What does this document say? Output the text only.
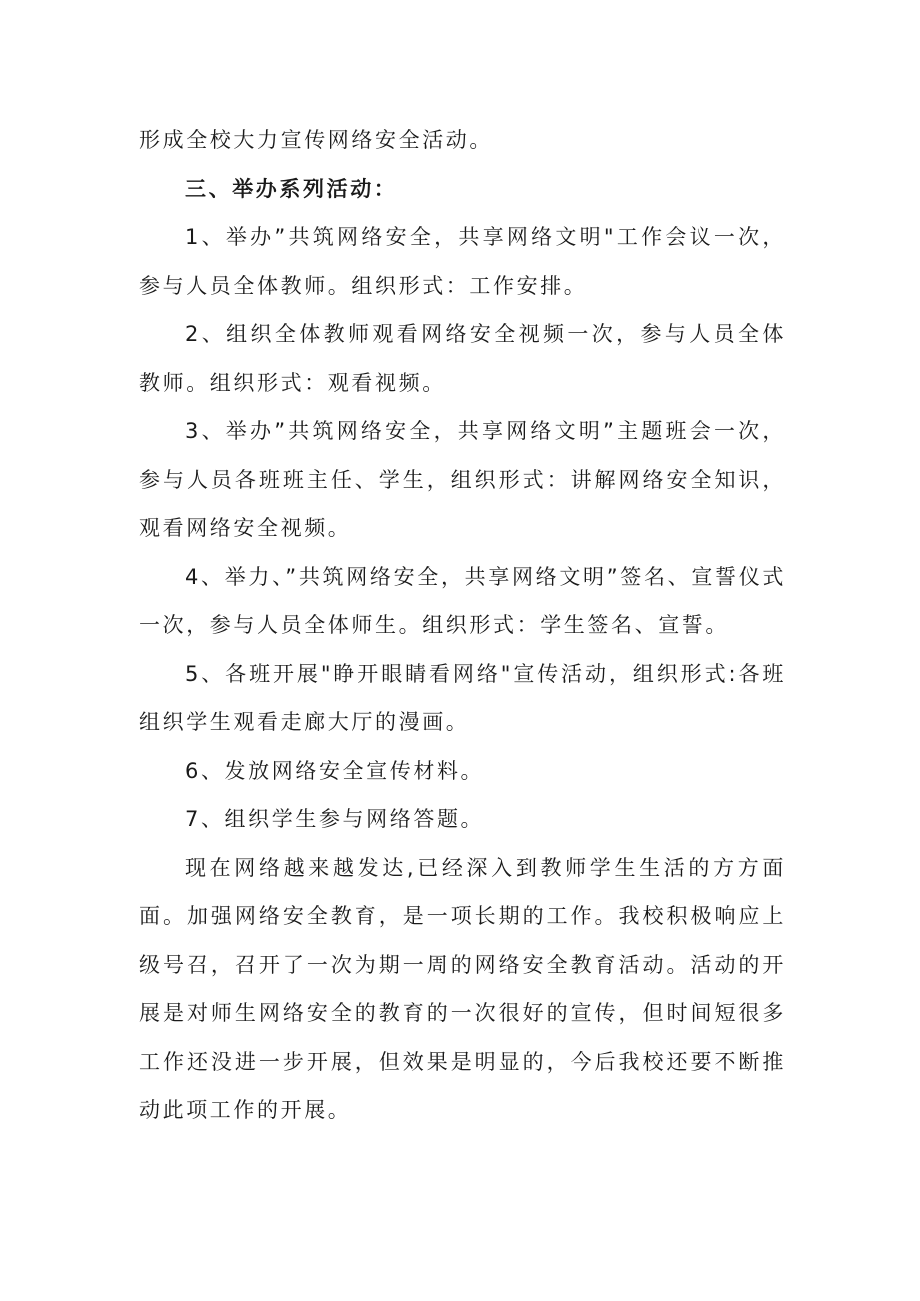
形成全校大力宣传网络安全活动。

三、举办系列活动：

1、举办”共筑网络安全，共享网络文明"工作会议一次，参与人员全体教师。组织形式：工作安排。

2、组织全体教师观看网络安全视频一次，参与人员全体教师。组织形式：观看视频。

3、举办”共筑网络安全，共享网络文明”主题班会一次，参与人员各班班主任、学生，组织形式：讲解网络安全知识，观看网络安全视频。

4、举力、”共筑网络安全，共享网络文明”签名、宣誓仪式一次，参与人员全体师生。组织形式：学生签名、宣誓。

5、各班开展"睁开眼睛看网络"宣传活动，组织形式:各班组织学生观看走廊大厅的漫画。

6、发放网络安全宣传材料。

7、组织学生参与网络答题。

现在网络越来越发达,已经深入到教师学生生活的方方面面。加强网络安全教育，是一项长期的工作。我校积极响应上级号召，召开了一次为期一周的网络安全教育活动。活动的开展是对师生网络安全的教育的一次很好的宣传，但时间短很多工作还没进一步开展，但效果是明显的，今后我校还要不断推动此项工作的开展。
